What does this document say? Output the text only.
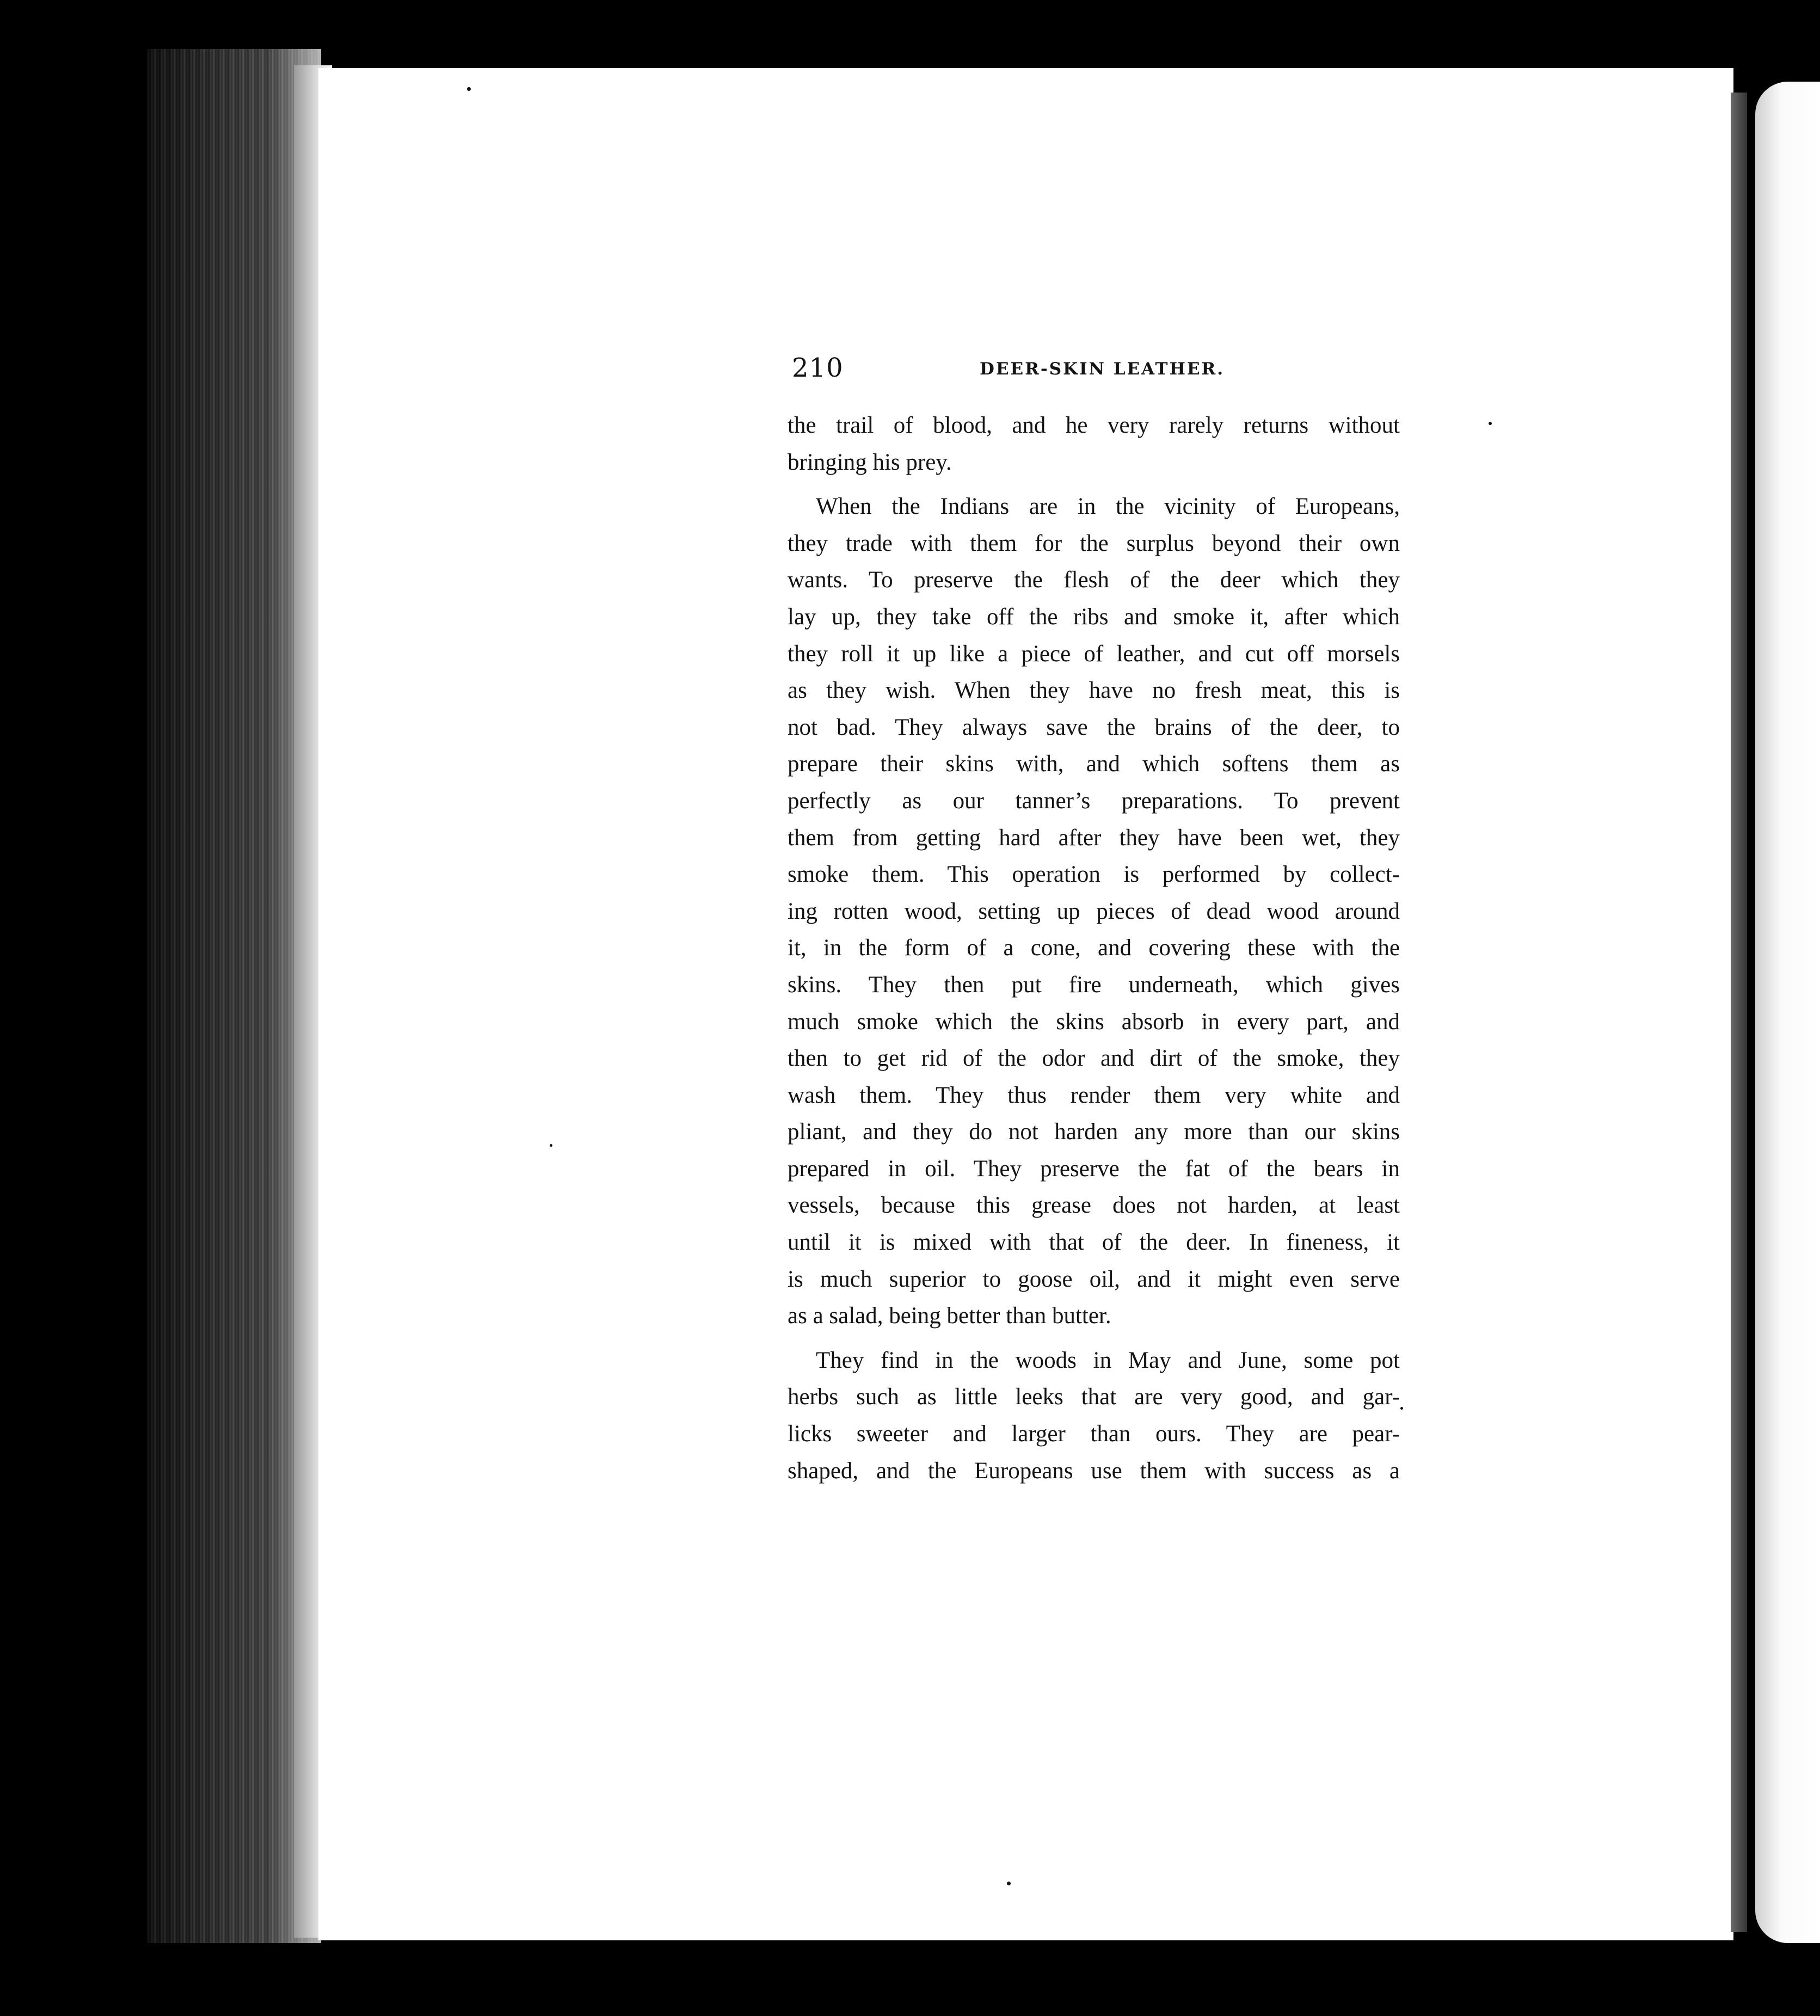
210	DEER-SKIN LEATHER.
the trail of blood, and he very rarely returns without
bringing his prey.
When the Indians are in the vicinity of Europeans,
they trade with them for the surplus beyond their own
wants. To preserve the flesh of the deer which they
lay up, they take off the ribs and smoke it, after which
they roll it up like a piece of leather, and cut off morsels
as they wish. When they have no fresh meat, this is
not bad. They always save the brains of the deer, to
prepare their skins with, and which softens them as
perfectly as our tanner’s preparations. To prevent
them from getting hard after they have been wet, they
smoke them. This operation is performed by collect-
ing rotten wood, setting up pieces of dead wood around
it, in the form of a cone, and covering these with the
skins. They then put fire underneath, which gives
much smoke which the skins absorb in every part, and
then to get rid of the odor and dirt of the smoke, they
wash them. They thus render them very white and
pliant, and they do not harden any more than our skins
prepared in oil. They preserve the fat of the bears in
vessels, because this grease does not harden, at least
until it is mixed with that of the deer. In fineness, it
is much superior to goose oil, and it might even serve
as a salad, being better than butter.
They find in the woods in May and June, some pot
herbs such as little leeks that are very good, and gar-
licks sweeter and larger than ours. They are pear-
shaped, and the Europeans use them with success as a
